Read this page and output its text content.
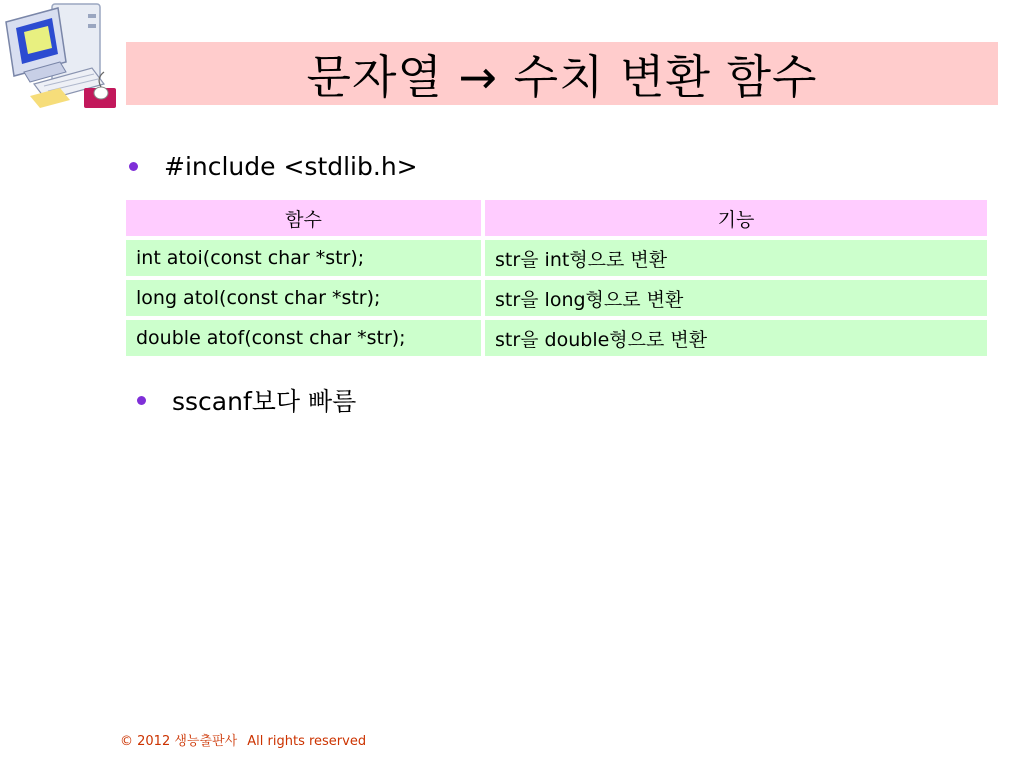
문자열 → 수치 변환 함수
#include <stdlib.h>
함수	기능
int atoi(const char *str);	str을 int형으로 변환
long atol(const char *str);	str을 long형으로 변환
double atof(const char *str);	str을 double형으로 변환
sscanf보다 빠름
© 2012 생능출판사 All rights reserved
